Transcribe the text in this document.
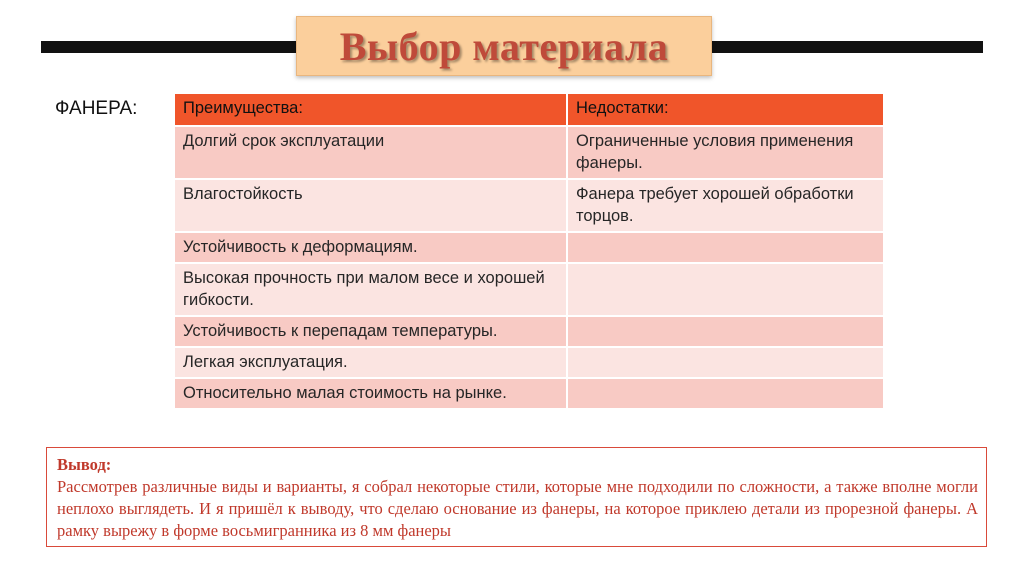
Выбор материала
ФАНЕРА:	Преимущества:	Недостатки:
Долгий срок эксплуатации	Ограниченные условия применения фанеры.
Влагостойкость	Фанера требует хорошей обработки торцов.
Устойчивость к деформациям.	
Высокая прочность при малом весе и хорошей гибкости.	
Устойчивость к перепадам температуры.	
Легкая эксплуатация.	
Относительно малая стоимость на рынке.	
Вывод:
Рассмотрев различные виды и варианты, я собрал некоторые стили, которые мне подходили по сложности, а также вполне могли неплохо выглядеть. И я пришёл к выводу, что сделаю основание из фанеры, на которое приклею детали из прорезной фанеры. А рамку вырежу в форме восьмигранника из 8 мм фанеры
